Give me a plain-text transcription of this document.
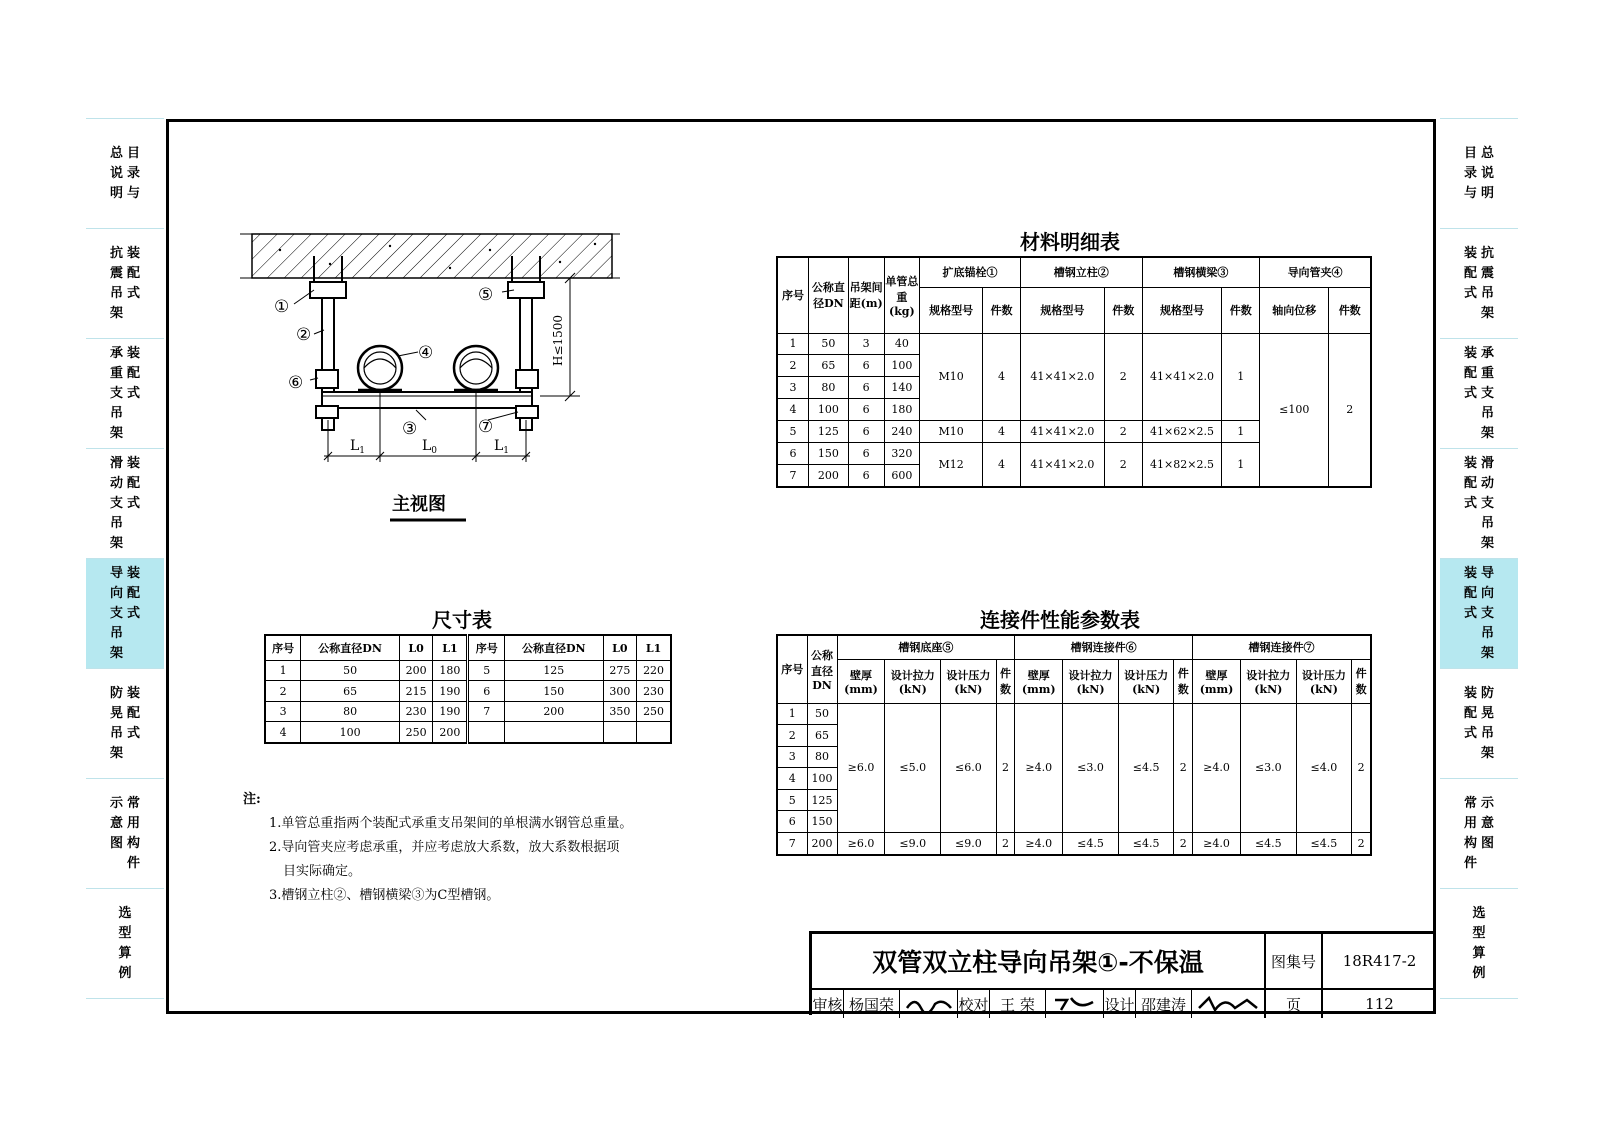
总
说
明
目
录
与
抗
震
吊
架
装
配
式
承
重
支
吊
架
装
配
式
滑
动
支
吊
架
装
配
式
导
向
支
吊
架
装
配
式
防
晃
吊
架
装
配
式
示
意
图
常
用
构
件
选
型
算
例
目
录
与
总
说
明
装
配
式
抗
震
吊
架
装
配
式
承
重
支
吊
架
装
配
式
滑
动
支
吊
架
装
配
式
导
向
支
吊
架
装
配
式
防
晃
吊
架
常
用
构
件
示
意
图
选
型
算
例
H≤1500
$L_1$	$L_0$	$L_1$
①
②
③
④
⑤
⑥
⑦
主视图
材料明细表
序号	公称直径DN	吊架间距(m)	单管总重(kg)	扩底锚栓①		槽钢立柱②		槽钢横梁③		导向管夹④	
				规格型号	件数	规格型号	件数	规格型号	件数	轴向位移	件数
1	50	3	40	M10	4	41×41×2.0	2	41×41×2.0	1	≤100	2
2	65	6	100								
3	80	6	140								
4	100	6	180								
5	125	6	240	M10	4	41×41×2.0	2	41×62×2.5	1		
6	150	6	320	M12	4	41×41×2.0	2	41×82×2.5	1		
7	200	6	600								
尺寸表
序号	公称直径DN	L0	L1	序号	公称直径DN	L0	L1
1	50	200	180	5	125	275	220
2	65	215	190	6	150	300	230
3	80	230	190	7	200	350	250
4	100	250	200				
连接件性能参数表
序号	公称直径DN	槽钢底座⑤				槽钢连接件⑥				槽钢连接件⑦			
		壁厚(mm)	设计拉力(kN)	设计压力(kN)	件数	壁厚(mm)	设计拉力(kN)	设计压力(kN)	件数	壁厚(mm)	设计拉力(kN)	设计压力(kN)	件数
1	50	≥6.0	≤5.0	≤6.0	2	≥4.0	≤3.0	≤4.5	2	≥4.0	≤3.0	≤4.0	2
2	65												
3	80												
4	100												
5	125												
6	150												
7	200	≥6.0	≤9.0	≤9.0	2	≥4.0	≤4.5	≤4.5	2	≥4.0	≤4.5	≤4.5	2
注:
1.单管总重指两个装配式承重支吊架间的单根满水钢管总重量。
2.导向管夹应考虑承重，并应考虑放大系数，放大系数根据项
目实际确定。
3.槽钢立柱②、槽钢横梁③为C型槽钢。
双管双立柱导向吊架①-不保温	图集号	18R417-2
审核 杨国荣	校对 王 荣	设计 邵建涛	页	112
